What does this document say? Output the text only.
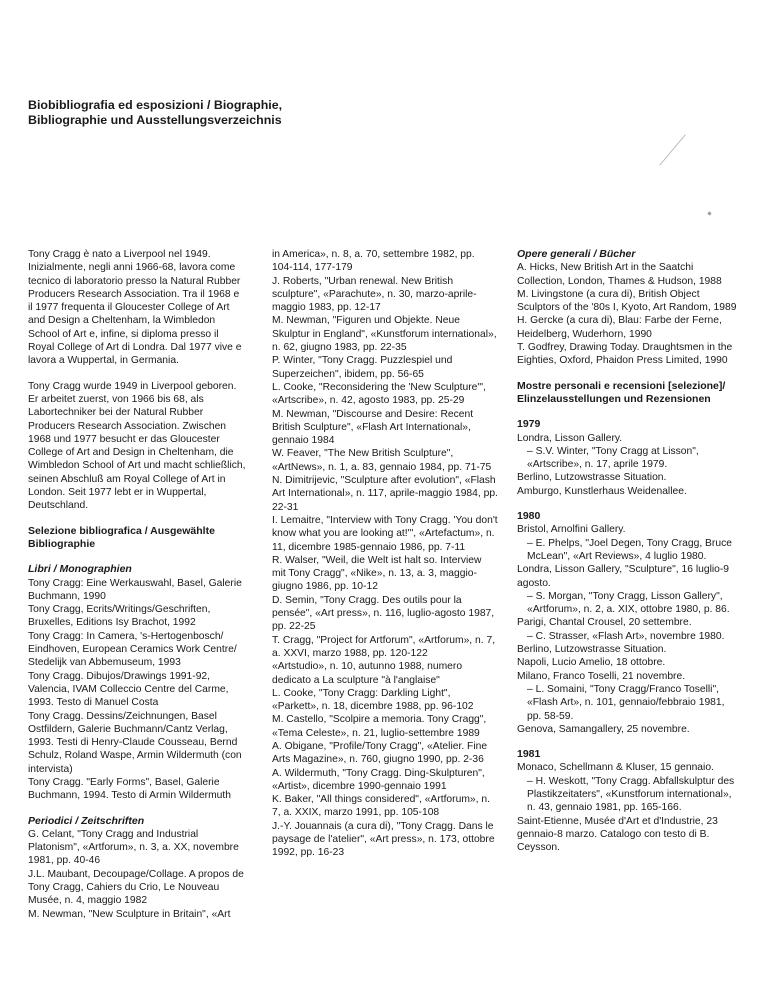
Biobibliografia ed esposizioni / Biographie,
Bibliographie und Ausstellungsverzeichnis

Tony Cragg è nato a Liverpool nel 1949. Inizialmente, negli anni 1966-68, lavora come tecnico di laboratorio presso la Natural Rubber Producers Research Association. Tra il 1968 e il 1977 frequenta il Gloucester College of Art and Design a Cheltenham, la Wimbledon School of Art e, infine, si diploma presso il Royal College of Art di Londra. Dal 1977 vive e lavora a Wuppertal, in Germania.

Tony Cragg wurde 1949 in Liverpool geboren. Er arbeitet zuerst, von 1966 bis 68, als Labortechniker bei der Natural Rubber Producers Research Association. Zwischen 1968 und 1977 besucht er das Gloucester College of Art and Design in Cheltenham, die Wimbledon School of Art und macht schließlich, seinen Abschluß am Royal College of Art in London. Seit 1977 lebt er in Wuppertal, Deutschland.

Selezione bibliografica / Ausgewählte Bibliographie

Libri / Monographien

Tony Cragg: Eine Werkauswahl, Basel, Galerie Buchmann, 1990

Tony Cragg, Ecrits/Writings/Geschriften, Bruxelles, Editions Isy Brachot, 1992

Tony Cragg: In Camera, 's-Hertogenbosch/ Eindhoven, European Ceramics Work Centre/ Stedelijk van Abbemuseum, 1993

Tony Cragg. Dibujos/Drawings 1991-92, Valencia, IVAM Colleccio Centre del Carme, 1993. Testo di Manuel Costa

Tony Cragg. Dessins/Zeichnungen, Basel Ostfildern, Galerie Buchmann/Cantz Verlag, 1993. Testi di Henry-Claude Cousseau, Bernd Schulz, Roland Waspe, Armin Wildermuth (con intervista)

Tony Cragg. "Early Forms", Basel, Galerie Buchmann, 1994. Testo di Armin Wildermuth

Periodici / Zeitschriften

G. Celant, "Tony Cragg and Industrial Platonism", «Artforum», n. 3, a. XX, novembre 1981, pp. 40-46

J.L. Maubant, Decoupage/Collage. A propos de Tony Cragg, Cahiers du Crio, Le Nouveau Musée, n. 4, maggio 1982

M. Newman, "New Sculpture in Britain", «Art

in America», n. 8, a. 70, settembre 1982, pp. 104-114, 177-179

J. Roberts, "Urban renewal. New British sculpture", «Parachute», n. 30, marzo-aprile-maggio 1983, pp. 12-17

M. Newman, "Figuren und Objekte. Neue Skulptur in England", «Kunstforum international», n. 62, giugno 1983, pp. 22-35

P. Winter, "Tony Cragg. Puzzlespiel und Superzeichen", ibidem, pp. 56-65

L. Cooke, "Reconsidering the 'New Sculpture'", «Artscribe», n. 42, agosto 1983, pp. 25-29

M. Newman, "Discourse and Desire: Recent British Sculpture", «Flash Art International», gennaio 1984

W. Feaver, "The New British Sculpture", «ArtNews», n. 1, a. 83, gennaio 1984, pp. 71-75

N. Dimitrijevic, "Sculpture after evolution", «Flash Art International», n. 117, aprile-maggio 1984, pp. 22-31

I. Lemaitre, "Interview with Tony Cragg. 'You don't know what you are looking at!'", «Artefactum», n. 11, dicembre 1985-gennaio 1986, pp. 7-11

R. Walser, "Weil, die Welt ist halt so. Interview mit Tony Cragg", «Nike», n. 13, a. 3, maggio-giugno 1986, pp. 10-12

D. Semin, "Tony Cragg. Des outils pour la pensée", «Art press», n. 116, luglio-agosto 1987, pp. 22-25

T. Cragg, "Project for Artforum", «Artforum», n. 7, a. XXVI, marzo 1988, pp. 120-122

«Artstudio», n. 10, autunno 1988, numero dedicato a La sculpture "à l'anglaise"

L. Cooke, "Tony Cragg: Darkling Light", «Parkett», n. 18, dicembre 1988, pp. 96-102

M. Castello, "Scolpire a memoria. Tony Cragg", «Tema Celeste», n. 21, luglio-settembre 1989

A. Obigane, "Profile/Tony Cragg", «Atelier. Fine Arts Magazine», n. 760, giugno 1990, pp. 2-36

A. Wildermuth, "Tony Cragg. Ding-Skulpturen", «Artist», dicembre 1990-gennaio 1991

K. Baker, "All things considered", «Artforum», n. 7, a. XXIX, marzo 1991, pp. 105-108

J.-Y. Jouannais (a cura di), "Tony Cragg. Dans le paysage de l'atelier", «Art press», n. 173, ottobre 1992, pp. 16-23

Opere generali / Bücher

A. Hicks, New British Art in the Saatchi Collection, London, Thames & Hudson, 1988

M. Livingstone (a cura di), British Object Sculptors of the '80s I, Kyoto, Art Random, 1989

H. Gercke (a cura di), Blau: Farbe der Ferne, Heidelberg, Wuderhorn, 1990

T. Godfrey, Drawing Today. Draughtsmen in the Eighties, Oxford, Phaidon Press Limited, 1990

Mostre personali e recensioni [selezione]/ Elinzelausstellungen und Rezensionen

1979

Londra, Lisson Gallery.

– S.V. Winter, "Tony Cragg at Lisson", «Artscribe», n. 17, aprile 1979.

Berlino, Lutzowstrasse Situation.

Amburgo, Kunstlerhaus Weidenallee.

1980

Bristol, Arnolfini Gallery.

– E. Phelps, "Joel Degen, Tony Cragg, Bruce McLean", «Art Reviews», 4 luglio 1980.

Londra, Lisson Gallery, "Sculpture", 16 luglio-9 agosto.

– S. Morgan, "Tony Cragg, Lisson Gallery", «Artforum», n. 2, a. XIX, ottobre 1980, p. 86.

Parigi, Chantal Crousel, 20 settembre.

– C. Strasser, «Flash Art», novembre 1980.

Berlino, Lutzowstrasse Situation.

Napoli, Lucio Amelio, 18 ottobre.

Milano, Franco Toselli, 21 novembre.

– L. Somaini, "Tony Cragg/Franco Toselli", «Flash Art», n. 101, gennaio/febbraio 1981, pp. 58-59.

Genova, Samangallery, 25 novembre.

1981

Monaco, Schellmann & Kluser, 15 gennaio.

– H. Weskott, "Tony Cragg. Abfallskulptur des Plastikzeitaters", «Kunstforum international», n. 43, gennaio 1981, pp. 165-166.

Saint-Etienne, Musée d'Art et d'Industrie, 23 gennaio-8 marzo. Catalogo con testo di B. Ceysson.
